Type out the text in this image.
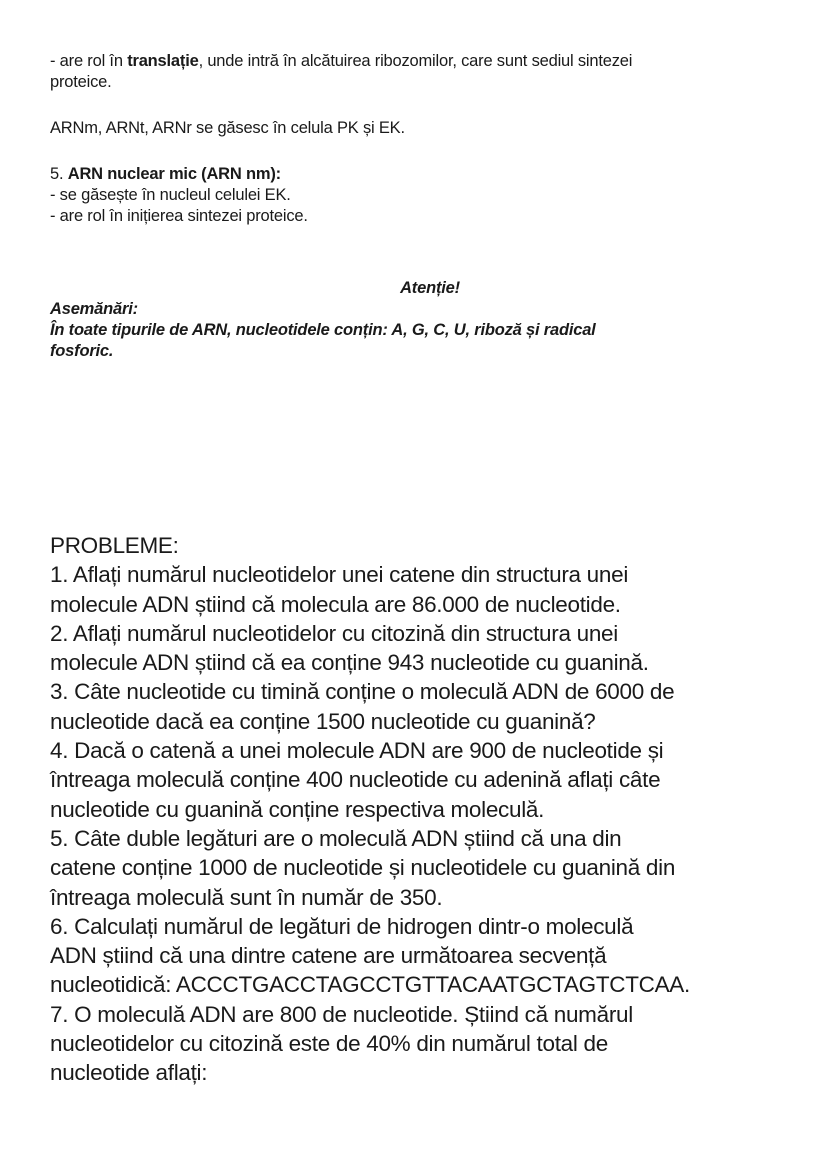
- are rol în translație, unde intră în alcătuirea ribozomilor, care sunt sediul sintezei

proteice.

ARNm, ARNt, ARNr se găsesc în celula PK și EK.

5. ARN nuclear mic (ARN nm):

- se găsește în nucleul celulei EK.

- are rol în inițierea sintezei proteice.

Atenție!

Asemănări:

În toate tipurile de ARN, nucleotidele conțin: A, G, C, U, riboză și radical

fosforic.

PROBLEME:

1. Aflați numărul nucleotidelor unei catene din structura unei

molecule ADN știind că molecula are 86.000 de nucleotide.

2. Aflați numărul nucleotidelor cu citozină din structura unei

molecule ADN știind că ea conține 943 nucleotide cu guanină.

3. Câte nucleotide cu timină conține o moleculă ADN de 6000 de

nucleotide dacă ea conține 1500 nucleotide cu guanină?

4. Dacă o catenă a unei molecule ADN are 900 de nucleotide și

întreaga moleculă conține 400 nucleotide cu adenină aflați câte

nucleotide cu guanină conține respectiva moleculă.

5. Câte duble legături are o moleculă ADN știind că una din

catene conține 1000 de nucleotide și nucleotidele cu guanină din

întreaga moleculă sunt în număr de 350.

6. Calculați numărul de legături de hidrogen dintr-o moleculă

ADN știind că una dintre catene are următoarea secvență

nucleotidică: ACCCTGACCTAGCCTGTTACAATGCTAGTCTCAA.

7. O moleculă ADN are 800 de nucleotide. Știind că numărul

nucleotidelor cu citozină este de 40% din numărul total de

nucleotide aflați:
